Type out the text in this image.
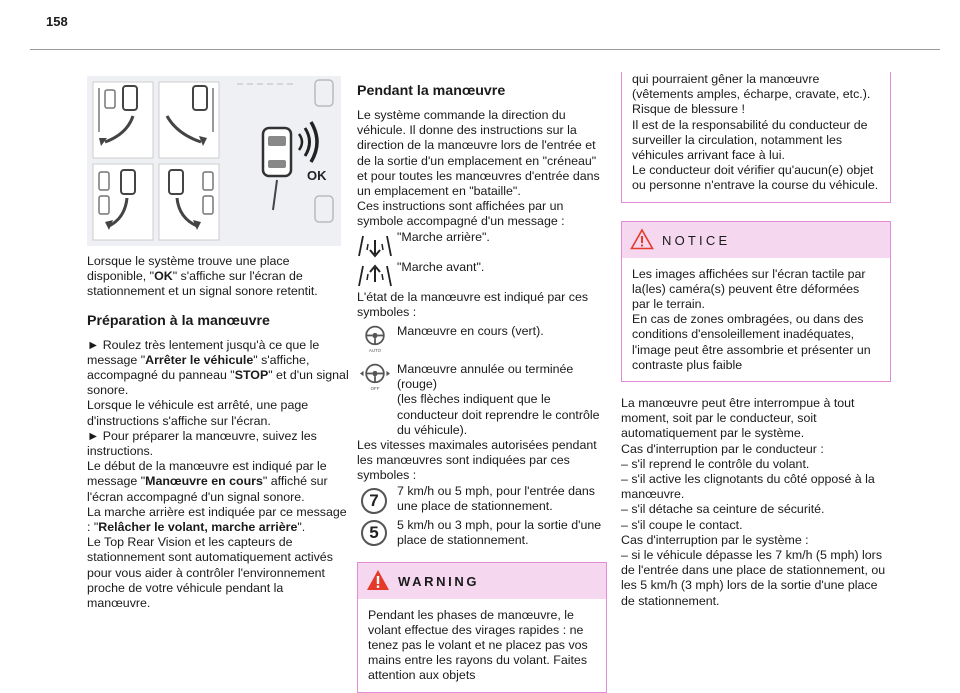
158
OK

Lorsque le système trouve une place disponible, "OK" s'affiche sur l'écran de stationnement et un signal sonore retentit.

Préparation à la manœuvre

► Roulez très lentement jusqu'à ce que le message "Arrêter le véhicule" s'affiche, accompagné du panneau "STOP" et d'un signal sonore.

Lorsque le véhicule est arrêté, une page d'instructions s'affiche sur l'écran.

► Pour préparer la manœuvre, suivez les instructions.

Le début de la manœuvre est indiqué par le message "Manœuvre en cours" affiché sur l'écran accompagné d'un signal sonore.

La marche arrière est indiquée par ce message : "Relâcher le volant, marche arrière".

Le Top Rear Vision et les capteurs de stationnement sont automatiquement activés pour vous aider à contrôler l'environnement proche de votre véhicule pendant la manœuvre.

Pendant la manœuvre

Le système commande la direction du véhicule. Il donne des instructions sur la direction de la manœuvre lors de l'entrée et de la sortie d'un emplacement en "créneau" et pour toutes les manœuvres d'entrée dans un emplacement en "bataille".

Ces instructions sont affichées par un symbole accompagné d'un message :

"Marche arrière".
"Marche avant".

L'état de la manœuvre est indiqué par ces symboles :

AUTO
Manœuvre en cours (vert).
OFF
Manœuvre annulée ou terminée (rouge)
(les flèches indiquent que le conducteur doit reprendre le contrôle du véhicule).

Les vitesses maximales autorisées pendant les manœuvres sont indiquées par ces symboles :

7	7 km/h ou 5 mph, pour l'entrée dans une place de stationnement.
5	5 km/h ou 3 mph, pour la sortie d'une place de stationnement.
WARNING
Pendant les phases de manœuvre, le volant effectue des virages rapides : ne tenez pas le volant et ne placez pas vos mains entre les rayons du volant. Faites attention aux objets

qui pourraient gêner la manœuvre (vêtements amples, écharpe, cravate, etc.). Risque de blessure !

Il est de la responsabilité du conducteur de surveiller la circulation, notamment les véhicules arrivant face à lui.

Le conducteur doit vérifier qu'aucun(e) objet ou personne n'entrave la course du véhicule.

NOTICE

Les images affichées sur l'écran tactile par la(les) caméra(s) peuvent être déformées par le terrain.

En cas de zones ombragées, ou dans des conditions d'ensoleillement inadéquates, l'image peut être assombrie et présenter un contraste plus faible

La manœuvre peut être interrompue à tout moment, soit par le conducteur, soit automatiquement par le système.

Cas d'interruption par le conducteur :

– s'il reprend le contrôle du volant.

– s'il active les clignotants du côté opposé à la manœuvre.

– s'il détache sa ceinture de sécurité.

– s'il coupe le contact.

Cas d'interruption par le système :

– si le véhicule dépasse les 7 km/h (5 mph) lors de l'entrée dans une place de stationnement, ou les 5 km/h (3 mph) lors de la sortie d'une place de stationnement.
